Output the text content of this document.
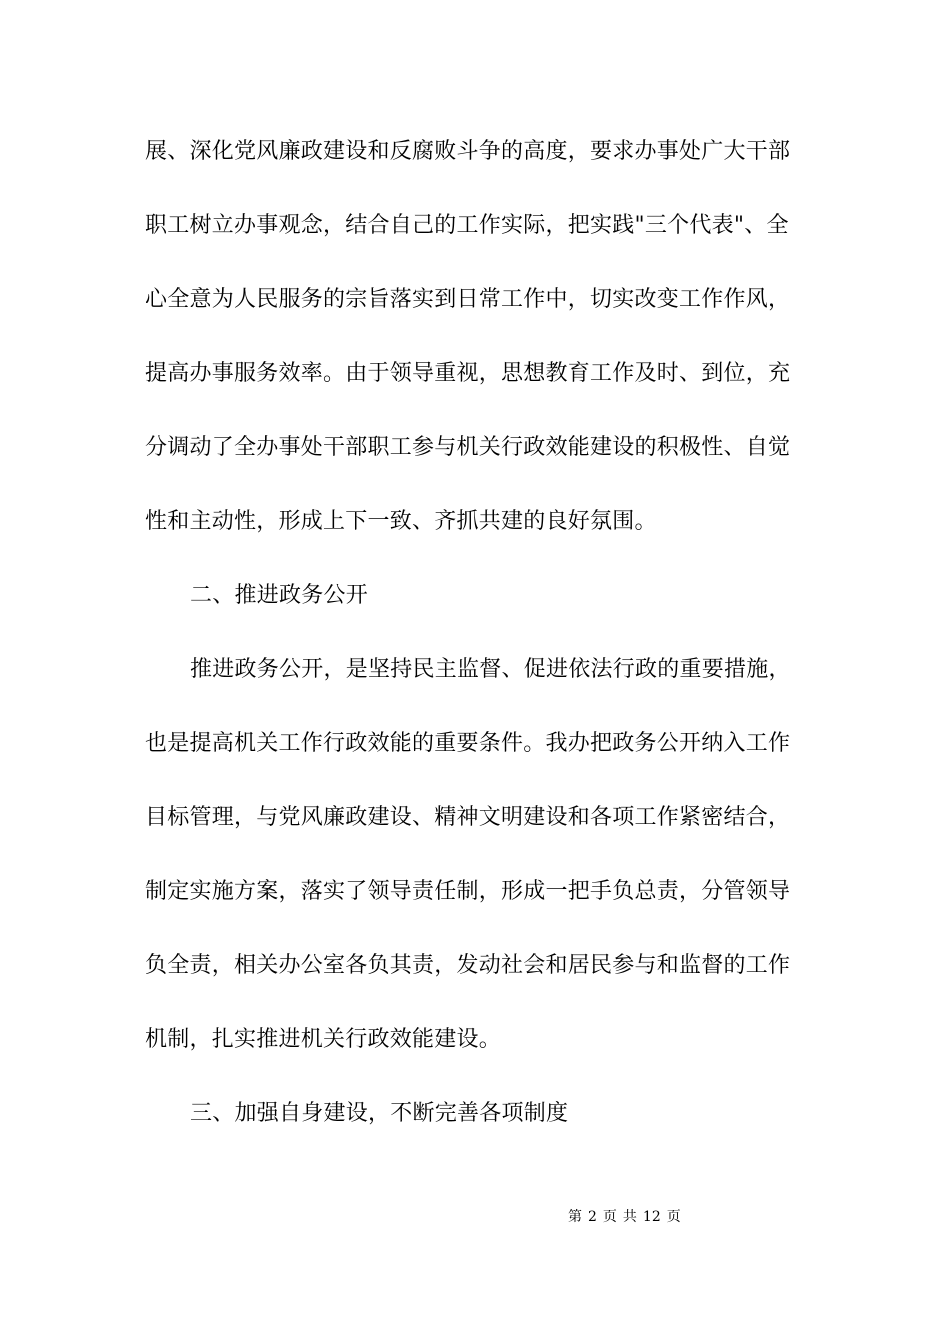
展、深化党风廉政建设和反腐败斗争的高度，要求办事处广大干部

职工树立办事观念，结合自己的工作实际，把实践"三个代表"、全

心全意为人民服务的宗旨落实到日常工作中，切实改变工作作风，

提高办事服务效率。由于领导重视，思想教育工作及时、到位，充

分调动了全办事处干部职工参与机关行政效能建设的积极性、自觉

性和主动性，形成上下一致、齐抓共建的良好氛围。

二、推进政务公开

推进政务公开，是坚持民主监督、促进依法行政的重要措施，

也是提高机关工作行政效能的重要条件。我办把政务公开纳入工作

目标管理，与党风廉政建设、精神文明建设和各项工作紧密结合，

制定实施方案，落实了领导责任制，形成一把手负总责，分管领导

负全责，相关办公室各负其责，发动社会和居民参与和监督的工作

机制，扎实推进机关行政效能建设。

三、加强自身建设，不断完善各项制度

第 2 页 共 12 页
